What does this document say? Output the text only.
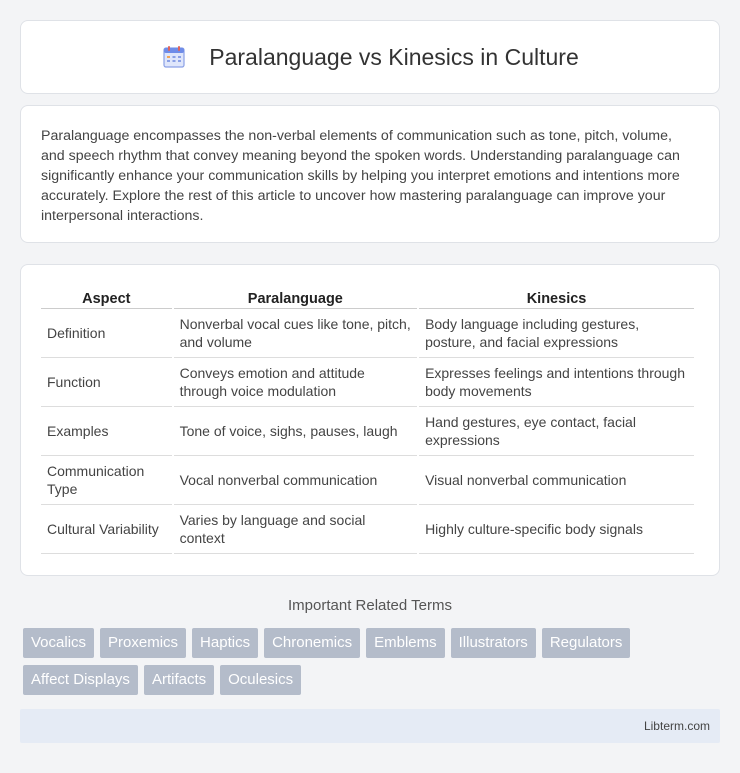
Paralanguage vs Kinesics in Culture

Paralanguage encompasses the non-verbal elements of communication such as tone, pitch, volume, and speech rhythm that convey meaning beyond the spoken words. Understanding paralanguage can significantly enhance your communication skills by helping you interpret emotions and intentions more accurately. Explore the rest of this article to uncover how mastering paralanguage can improve your interpersonal interactions.

Aspect	Paralanguage	Kinesics
Definition	Nonverbal vocal cues like tone, pitch, and volume	Body language including gestures, posture, and facial expressions
Function	Conveys emotion and attitude through voice modulation	Expresses feelings and intentions through body movements
Examples	Tone of voice, sighs, pauses, laugh	Hand gestures, eye contact, facial expressions
Communication Type	Vocal nonverbal communication	Visual nonverbal communication
Cultural Variability	Varies by language and social context	Highly culture-specific body signals
Important Related Terms
Vocalics	Proxemics	Haptics	Chronemics	Emblems	Illustrators	Regulators
Affect Displays	Artifacts	Oculesics
Libterm.com
